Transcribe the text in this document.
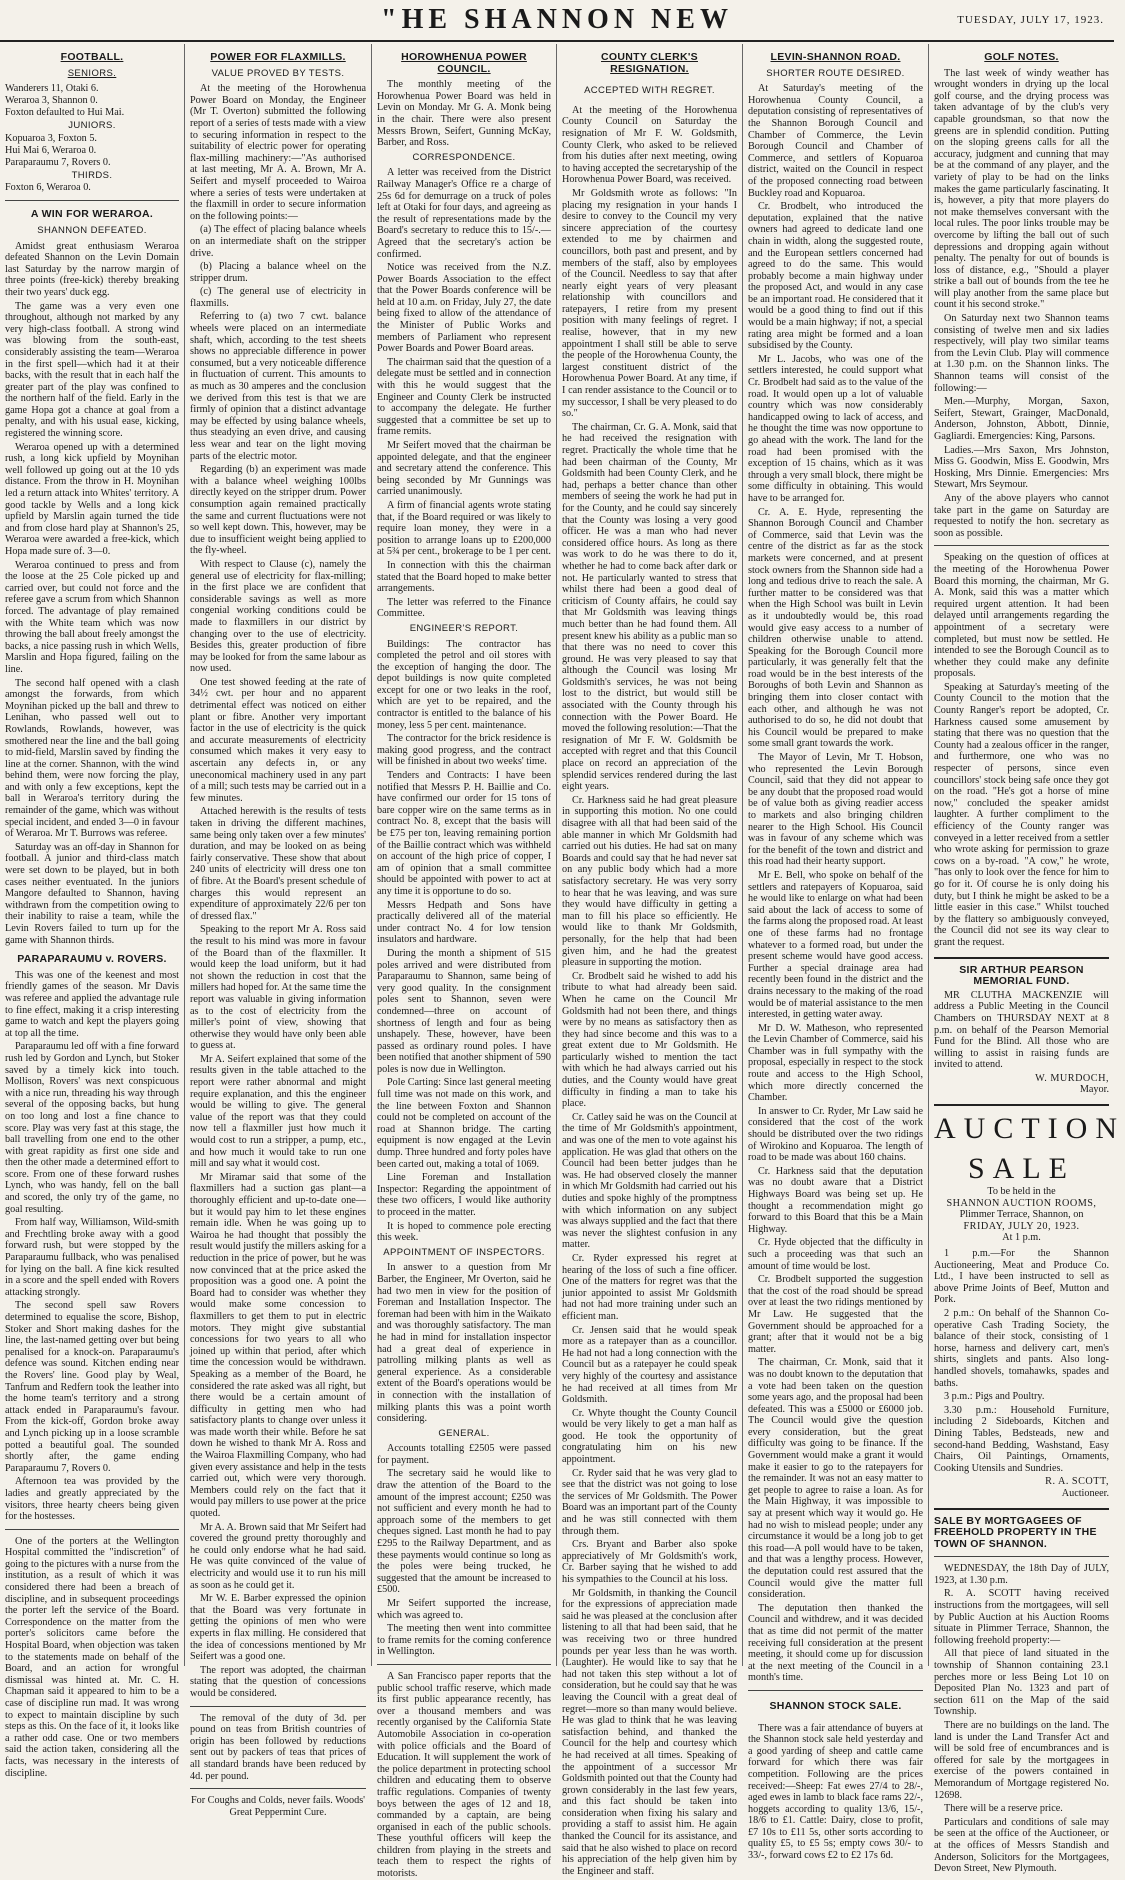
"HE SHANNON NEW	TUESDAY, JULY 17, 1923.
FOOTBALL.
SENIORS.
Wanderers 11, Otaki 6.
Weraroa 3, Shannon 0.
Foxton defaulted to Hui Mai.
JUNIORS.
Kopuaroa 3, Foxton 5.
Hui Mai 6, Weraroa 0.
Paraparaumu 7, Rovers 0.
THIRDS.
Foxton 6, Weraroa 0.
A WIN FOR WERAROA.
SHANNON DEFEATED.

Amidst great enthusiasm Weraroa defeated Shannon on the Levin Domain last Saturday by the narrow margin of three points (free-kick) thereby breaking their two years' duck egg.

The game was a very even one throughout, although not marked by any very high-class football. A strong wind was blowing from the south-east, considerably assisting the team—Weraroa in the first spell—which had it at their backs, with the result that in each half the greater part of the play was confined to the northern half of the field. Early in the game Hopa got a chance at goal from a penalty, and with his usual ease, kicking, registered the winning score.

Weraroa opened up with a determined rush, a long kick upfield by Moynihan well followed up going out at the 10 yds distance. From the throw in H. Moynihan led a return attack into Whites' territory. A good tackle by Wells and a long kick upfield by Marslin again turned the tide and from close hard play at Shannon's 25, Weraroa were awarded a free-kick, which Hopa made sure of. 3—0.

Weraroa continued to press and from the loose at the 25 Cole picked up and carried over, but could not force and the referee gave a scrum from which Shannon forced. The advantage of play remained with the White team which was now throwing the ball about freely amongst the backs, a nice passing rush in which Wells, Marslin and Hopa figured, failing on the line.

The second half opened with a clash amongst the forwards, from which Moynihan picked up the ball and threw to Lenihan, who passed well out to Rowlands, Rowlands, however, was smothered near the line and the ball going to mid-field, Marslin saved by finding the line at the corner. Shannon, with the wind behind them, were now forcing the play, and with only a few exceptions, kept the ball in Weraroa's territory during the remainder of the game, which was without special incident, and ended 3—0 in favour of Weraroa. Mr T. Burrows was referee.

Saturday was an off-day in Shannon for football. A junior and third-class match were set down to be played, but in both cases neither eventuated. In the juniors Mangore defaulted to Shannon, having withdrawn from the competition owing to their inability to raise a team, while the Levin Rovers failed to turn up for the game with Shannon thirds.

PARAPARAUMU v. ROVERS.

This was one of the keenest and most friendly games of the season. Mr Davis was referee and applied the advantage rule to fine effect, making it a crisp interesting game to watch and kept the players going at top all the time.

Paraparaumu led off with a fine forward rush led by Gordon and Lynch, but Stoker saved by a timely kick into touch. Mollison, Rovers' was next conspicuous with a nice run, threading his way through several of the opposing backs, but hung on too long and lost a fine chance to score. Play was very fast at this stage, the ball travelling from one end to the other with great rapidity as first one side and then the other made a determined effort to score. From one of these forward rushes Lynch, who was handy, fell on the ball and scored, the only try of the game, no goal resulting.

From half way, Williamson, Wild-smith and Frechtling broke away with a good forward rush, but were stopped by the Paraparaumu fullback, who was penalised for lying on the ball. A fine kick resulted in a score and the spell ended with Rovers attacking strongly.

The second spell saw Rovers determined to equalise the score, Bishop, Stoker and Short making dashes for the line, the last-named getting over but being penalised for a knock-on. Paraparaumu's defence was sound. Kitchen ending near the Rovers' line. Good play by Weal, Tanfrum and Redfern took the leather into the home team's territory and a strong attack ended in Paraparaumu's favour. From the kick-off, Gordon broke away and Lynch picking up in a loose scramble potted a beautiful goal. The sounded shortly after, the game ending Paraparaumu 7, Rovers 0.

Afternoon tea was provided by the ladies and greatly appreciated by the visitors, three hearty cheers being given for the hostesses.

One of the porters at the Wellington Hospital committed the "indiscretion" of going to the pictures with a nurse from the institution, as a result of which it was considered there had been a breach of discipline, and in subsequent proceedings the porter left the service of the Board. Correspondence on the matter from the porter's solicitors came before the Hospital Board, when objection was taken to the statements made on behalf of the Board, and an action for wrongful dismissal was hinted at. Mr. C. H. Chapman said it appeared to him to be a case of discipline run mad. It was wrong to expect to maintain discipline by such steps as this. On the face of it, it looks like a rather odd case. One or two members said the action taken, considering all the facts, was necessary in the interests of discipline.

POWER FOR FLAXMILLS.
VALUE PROVED BY TESTS.

At the meeting of the Horowhenua Power Board on Monday, the Engineer (Mr T. Overton) submitted the following report of a series of tests made with a view to securing information in respect to the suitability of electric power for operating flax-milling machinery:—"As authorised at last meeting, Mr A. A. Brown, Mr A. Seifert and myself proceeded to Wairoa where a series of tests were undertaken at the flaxmill in order to secure information on the following points:—

(a) The effect of placing balance wheels on an intermediate shaft on the stripper drive.

(b) Placing a balance wheel on the stripper drum.

(c) The general use of electricity in flaxmills.

Referring to (a) two 7 cwt. balance wheels were placed on an intermediate shaft, which, according to the test sheets shows no appreciable difference in power consumed, but a very noticeable difference in fluctuation of current. This amounts to as much as 30 amperes and the conclusion we derived from this test is that we are firmly of opinion that a distinct advantage may be effected by using balance wheels, thus steadying an even drive, and causing less wear and tear on the light moving parts of the electric motor.

Regarding (b) an experiment was made with a balance wheel weighing 100lbs directly keyed on the stripper drum. Power consumption again remained practically the same and current fluctuations were not so well kept down. This, however, may be due to insufficient weight being applied to the fly-wheel.

With respect to Clause (c), namely the general use of electricity for flax-milling; in the first place we are confident that considerable savings as well as more congenial working conditions could be made to flaxmillers in our district by changing over to the use of electricity. Besides this, greater production of fibre may be looked for from the same labour as now used.

One test showed feeding at the rate of 34½ cwt. per hour and no apparent detrimental effect was noticed on either plant or fibre. Another very important factor in the use of electricity is the quick and accurate measurements of electricity consumed which makes it very easy to ascertain any defects in, or any uneconomical machinery used in any part of a mill; such tests may be carried out in a few minutes.

Attached herewith is the results of tests taken in driving the different machines, same being only taken over a few minutes' duration, and may be looked on as being fairly conservative. These show that about 240 units of electricity will dress one ton of fibre. At the Board's present schedule of charges this would represent an expenditure of approximately 22/6 per ton of dressed flax."

Speaking to the report Mr A. Ross said the result to his mind was more in favour of the Board than of the flaxmiller. It would keep the load uniform, but it had not shown the reduction in cost that the millers had hoped for. At the same time the report was valuable in giving information as to the cost of electricity from the miller's point of view, showing that otherwise they would have only been able to guess at.

Mr A. Seifert explained that some of the results given in the table attached to the report were rather abnormal and might require explanation, and this the engineer would be willing to give. The general value of the report was that they could now tell a flaxmiller just how much it would cost to run a stripper, a pump, etc., and how much it would take to run one mill and say what it would cost.

Mr Miramar said that some of the flaxmillers had a suction gas plant—a thoroughly efficient and up-to-date one—but it would pay him to let these engines remain idle. When he was going up to Wairoa he had thought that possibly the result would justify the millers asking for a reduction in the price of power, but he was now convinced that at the price asked the proposition was a good one. A point the Board had to consider was whether they would make some concession to flaxmillers to get them to put in electric motors. They might give substantial concessions for two years to all who joined up within that period, after which time the concession would be withdrawn. Speaking as a member of the Board, he considered the rate asked was all right, but there would be a certain amount of difficulty in getting men who had satisfactory plants to change over unless it was made worth their while. Before he sat down he wished to thank Mr A. Ross and the Wairoa Flaxmilling Company, who had given every assistance and help in the tests carried out, which were very thorough. Members could rely on the fact that it would pay millers to use power at the price quoted.

Mr A. A. Brown said that Mr Seifert had covered the ground pretty thoroughly and he could only endorse what he had said. He was quite convinced of the value of electricity and would use it to run his mill as soon as he could get it.

Mr W. E. Barber expressed the opinion that the Board was very fortunate in getting the opinions of men who were experts in flax milling. He considered that the idea of concessions mentioned by Mr Seifert was a good one.

The report was adopted, the chairman stating that the question of concessions would be considered.

The removal of the duty of 3d. per pound on teas from British countries of origin has been followed by reductions sent out by packers of teas that prices of all standard brands have been reduced by 4d. per pound.

For Coughs and Colds, never fails. Woods' Great Peppermint Cure.
HOROWHENUA POWER COUNCIL.

The monthly meeting of the Horowhenua Power Board was held in Levin on Monday. Mr G. A. Monk being in the chair. There were also present Messrs Brown, Seifert, Gunning McKay, Barber, and Ross.

CORRESPONDENCE.

A letter was received from the District Railway Manager's Office re a charge of 25s 6d for demurrage on a truck of poles left at Otaki for four days, and agreeing as the result of representations made by the Board's secretary to reduce this to 15/-.—Agreed that the secretary's action be confirmed.

Notice was received from the N.Z. Power Boards Association to the effect that the Power Boards conference will be held at 10 a.m. on Friday, July 27, the date being fixed to allow of the attendance of the Minister of Public Works and members of Parliament who represent Power Boards and Power Board areas.

The chairman said that the question of a delegate must be settled and in connection with this he would suggest that the Engineer and County Clerk be instructed to accompany the delegate. He further suggested that a committee be set up to frame remits.

Mr Seifert moved that the chairman be appointed delegate, and that the engineer and secretary attend the conference. This being seconded by Mr Gunnings was carried unanimously.

A firm of financial agents wrote stating that, if the Board required or was likely to require loan money, they were in a position to arrange loans up to £200,000 at 5¾ per cent., brokerage to be 1 per cent.

In connection with this the chairman stated that the Board hoped to make better arrangements.

The letter was referred to the Finance Committee.

ENGINEER'S REPORT.

Buildings: The contractor has completed the petrol and oil stores with the exception of hanging the door. The depot buildings is now quite completed except for one or two leaks in the roof, which are yet to be repaired, and the contractor is entitled to the balance of his money, less 5 per cent. maintenance.

The contractor for the brick residence is making good progress, and the contract will be finished in about two weeks' time.

Tenders and Contracts: I have been notified that Messrs P. H. Baillie and Co. have confirmed our order for 15 tons of bare copper wire on the same terms as in contract No. 8, except that the basis will be £75 per ton, leaving remaining portion of the Baillie contract which was withheld on account of the high price of copper, I am of opinion that a small committee should be appointed with power to act at any time it is opportune to do so.

Messrs Hedpath and Sons have practically delivered all of the material under contract No. 4 for low tension insulators and hardware.

During the month a shipment of 515 poles arrived and were distributed from Paraparaumu to Shannon, same being of very good quality. In the consignment poles sent to Shannon, seven were condemned—three on account of shortness of length and four as being unshapely. These, however, have been passed as ordinary round poles. I have been notified that another shipment of 590 poles is now due in Wellington.

Pole Carting: Since last general meeting full time was not made on this work, and the line between Foxton and Shannon could not be completed on account of the road at Shannon bridge. The carting equipment is now engaged at the Levin dump. Three hundred and forty poles have been carted out, making a total of 1069.

Line Foreman and Installation Inspector: Regarding the appointment of these two officers, I would like authority to proceed in the matter.

It is hoped to commence pole erecting this week.

APPOINTMENT OF INSPECTORS.

In answer to a question from Mr Barber, the Engineer, Mr Overton, said he had two men in view for the position of Foreman and Installation Inspector. The foreman had been with him in the Waikato and was thoroughly satisfactory. The man he had in mind for installation inspector had a great deal of experience in patrolling milking plants as well as general experience. As a considerable extent of the Board's operations would be in connection with the installation of milking plants this was a point worth considering.

GENERAL.

Accounts totalling £2505 were passed for payment.

The secretary said he would like to draw the attention of the Board to the amount of the imprest account; £250 was not sufficient and every month he had to approach some of the members to get cheques signed. Last month he had to pay £295 to the Railway Department, and as these payments would continue so long as the poles were being trucked, he suggested that the amount be increased to £500.

Mr Seifert supported the increase, which was agreed to.

The meeting then went into committee to frame remits for the coming conference in Wellington.

A San Francisco paper reports that the public school traffic reserve, which made its first public appearance recently, has over a thousand members and was recently organised by the California State Automobile Association in co-operation with police officials and the Board of Education. It will supplement the work of the police department in protecting school children and educating them to observe traffic regulations. Companies of twenty boys between the ages of 12 and 18, commanded by a captain, are being organised in each of the public schools. These youthful officers will keep the children from playing in the streets and teach them to respect the rights of motorists.

COUNTY CLERK'S RESIGNATION.
ACCEPTED WITH REGRET.

At the meeting of the Horowhenua County Council on Saturday the resignation of Mr F. W. Goldsmith, County Clerk, who asked to be relieved from his duties after next meeting, owing to having accepted the secretaryship of the Horowhenua Power Board, was received.

Mr Goldsmith wrote as follows: "In placing my resignation in your hands I desire to convey to the Council my very sincere appreciation of the courtesy extended to me by chairmen and councillors, both past and present, and by members of the staff, also by employees of the Council. Needless to say that after nearly eight years of very pleasant relationship with councillors and ratepayers, I retire from my present position with many feelings of regret. I realise, however, that in my new appointment I shall still be able to serve the people of the Horowhenua County, the largest constituent district of the Horowhenua Power Board. At any time, if I can render assistance to the Council or to my successor, I shall be very pleased to do so."

The chairman, Cr. G. A. Monk, said that he had received the resignation with regret. Practically the whole time that he had been chairman of the County, Mr Goldsmith had been County Clerk, and he had, perhaps a better chance than other members of seeing the work he had put in for the County, and he could say sincerely that the County was losing a very good officer. He was a man who had never considered office hours. As long as there was work to do he was there to do it, whether he had to come back after dark or not. He particularly wanted to stress that whilst there had been a good deal of criticism of County affairs, he could say that Mr Goldsmith was leaving things much better than he had found them. All present knew his ability as a public man so that there was no need to cover this ground. He was very pleased to say that although the Council was losing Mr Goldsmith's services, he was not being lost to the district, but would still be associated with the County through his connection with the Power Board. He moved the following resolution:—That the resignation of Mr F. W. Goldsmith be accepted with regret and that this Council place on record an appreciation of the splendid services rendered during the last eight years.

Cr. Harkness said he had great pleasure in supporting this motion. No one could disagree with all that had been said of the able manner in which Mr Goldsmith had carried out his duties. He had sat on many Boards and could say that he had never sat on any public body which had a more satisfactory secretary. He was very sorry to hear that he was leaving, and was sure they would have difficulty in getting a man to fill his place so efficiently. He would like to thank Mr Goldsmith, personally, for the help that had been given him, and he had the greatest pleasure in supporting the motion.

Cr. Brodbelt said he wished to add his tribute to what had already been said. When he came on the Council Mr Goldsmith had not been there, and things were by no means as satisfactory then as they had since become and this was to a great extent due to Mr Goldsmith. He particularly wished to mention the tact with which he had always carried out his duties, and the County would have great difficulty in finding a man to take his place.

Cr. Catley said he was on the Council at the time of Mr Goldsmith's appointment, and was one of the men to vote against his application. He was glad that others on the Council had been better judges than he was. He had observed closely the manner in which Mr Goldsmith had carried out his duties and spoke highly of the promptness with which information on any subject was always supplied and the fact that there was never the slightest confusion in any matter.

Cr. Ryder expressed his regret at hearing of the loss of such a fine officer. One of the matters for regret was that the junior appointed to assist Mr Goldsmith had not had more training under such an efficient man.

Cr. Jensen said that he would speak more as a ratepayer than as a councillor. He had not had a long connection with the Council but as a ratepayer he could speak very highly of the courtesy and assistance he had received at all times from Mr Goldsmith.

Cr. Whyte thought the County Council would be very likely to get a man half as good. He took the opportunity of congratulating him on his new appointment.

Cr. Ryder said that he was very glad to see that the district was not going to lose the services of Mr Goldsmith. The Power Board was an important part of the County and he was still connected with them through them.

Crs. Bryant and Barber also spoke appreciatively of Mr Goldsmith's work, Cr. Barber saying that he wished to add his sympathies to the Council at his loss.

Mr Goldsmith, in thanking the Council for the expressions of appreciation made said he was pleased at the conclusion after listening to all that had been said, that he was receiving two or three hundred pounds per year less than he was worth. (Laughter). He would like to say that he had not taken this step without a lot of consideration, but he could say that he was leaving the Council with a great deal of regret—more so than many would believe. He was glad to think that he was leaving satisfaction behind, and thanked the Council for the help and courtesy which he had received at all times. Speaking of the appointment of a successor Mr Goldsmith pointed out that the County had grown considerably in the last few years, and this fact should be taken into consideration when fixing his salary and providing a staff to assist him. He again thanked the Council for its assistance, and said that he also wished to place on record his appreciation of the help given him by the Engineer and staff.

LEVIN-SHANNON ROAD.
SHORTER ROUTE DESIRED.

At Saturday's meeting of the Horowhenua County Council, a deputation consisting of representatives of the Shannon Borough Council and Chamber of Commerce, the Levin Borough Council and Chamber of Commerce, and settlers of Kopuaroa district, waited on the Council in respect of the proposed connecting road between Buckley road and Kopuaroa.

Cr. Brodbelt, who introduced the deputation, explained that the native owners had agreed to dedicate land one chain in width, along the suggested route, and the European settlers concerned had agreed to do the same. This would probably become a main highway under the proposed Act, and would in any case be an important road. He considered that it would be a good thing to find out if this would be a main highway; if not, a special rating area might be formed and a loan subsidised by the County.

Mr L. Jacobs, who was one of the settlers interested, he could support what Cr. Brodbelt had said as to the value of the road. It would open up a lot of valuable country which was now considerably handicapped owing to lack of access, and he thought the time was now opportune to go ahead with the work. The land for the road had been promised with the exception of 15 chains, which as it was through a very small block, there might be some difficulty in obtaining. This would have to be arranged for.

Cr. A. E. Hyde, representing the Shannon Borough Council and Chamber of Commerce, said that Levin was the centre of the district as far as the stock markets were concerned, and at present stock owners from the Shannon side had a long and tedious drive to reach the sale. A further matter to be considered was that when the High School was built in Levin as it undoubtedly would be, this road would give easy access to a number of children otherwise unable to attend. Speaking for the Borough Council more particularly, it was generally felt that the road would be in the best interests of the Boroughs of both Levin and Shannon as bringing them into closer contact with each other, and although he was not authorised to do so, he did not doubt that his Council would be prepared to make some small grant towards the work.

The Mayor of Levin, Mr T. Hobson, who represented the Levin Borough Council, said that they did not appear to be any doubt that the proposed road would be of value both as giving readier access to markets and also bringing children nearer to the High School. His Council was in favour of any scheme which was for the benefit of the town and district and this road had their hearty support.

Mr E. Bell, who spoke on behalf of the settlers and ratepayers of Kopuaroa, said he would like to enlarge on what had been said about the lack of access to some of the farms along the proposed road. At least one of these farms had no frontage whatever to a formed road, but under the present scheme would have good access. Further a special drainage area had recently been found in the district and the drains necessary to the making of the road would be of material assistance to the men interested, in getting water away.

Mr D. W. Matheson, who represented the Levin Chamber of Commerce, said his Chamber was in full sympathy with the proposal, especially in respect to the stock route and access to the High School, which more directly concerned the Chamber.

In answer to Cr. Ryder, Mr Law said he considered that the cost of the work should be distributed over the two ridings of Wirokino and Kopuaroa. The length of road to be made was about 160 chains.

Cr. Harkness said that the deputation was no doubt aware that a District Highways Board was being set up. He thought a recommendation might go forward to this Board that this be a Main Highway.

Cr. Hyde objected that the difficulty in such a proceeding was that such an amount of time would be lost.

Cr. Brodbelt supported the suggestion that the cost of the road should be spread over at least the two ridings mentioned by Mr Law. He suggested that the Government should be approached for a grant; after that it would not be a big matter.

The chairman, Cr. Monk, said that it was no doubt known to the deputation that a vote had been taken on the question some years ago, and the proposal had been defeated. This was a £5000 or £6000 job. The Council would give the question every consideration, but the great difficulty was going to be finance. If the Government would make a grant it would make it easier to go to the ratepayers for the remainder. It was not an easy matter to get people to agree to raise a loan. As for the Main Highway, it was impossible to say at present which way it would go. He had no wish to mislead people; under any circumstance it would be a long job to get this road—A poll would have to be taken, and that was a lengthy process. However, the deputation could rest assured that the Council would give the matter full consideration.

The deputation then thanked the Council and withdrew, and it was decided that as time did not permit of the matter receiving full consideration at the present meeting, it should come up for discussion at the next meeting of the Council in a month's time.

SHANNON STOCK SALE.

There was a fair attendance of buyers at the Shannon stock sale held yesterday and a good yarding of sheep and cattle came forward for which there was fair competition. Following are the prices received:—Sheep: Fat ewes 27/4 to 28/-, aged ewes in lamb to black face rams 22/-, hoggets according to quality 13/6, 15/-, 18/6 to £1. Cattle: Dairy, close to profit, £7 10s to £11 5s, other sorts according to quality £5, to £5 5s; empty cows 30/- to 33/-, forward cows £2 to £2 17s 6d.

GOLF NOTES.

The last week of windy weather has wrought wonders in drying up the local golf course, and the drying process was taken advantage of by the club's very capable groundsman, so that now the greens are in splendid condition. Putting on the sloping greens calls for all the accuracy, judgment and cunning that may be at the command of any player, and the variety of play to be had on the links makes the game particularly fascinating. It is, however, a pity that more players do not make themselves conversant with the local rules. The poor links trouble may be overcome by lifting the ball out of such depressions and dropping again without penalty. The penalty for out of bounds is loss of distance, e.g., "Should a player strike a ball out of bounds from the tee he will play another from the same place but count it his second stroke."

On Saturday next two Shannon teams consisting of twelve men and six ladies respectively, will play two similar teams from the Levin Club. Play will commence at 1.30 p.m. on the Shannon links. The Shannon teams will consist of the following:—

Men.—Murphy, Morgan, Saxon, Seifert, Stewart, Grainger, MacDonald, Anderson, Johnston, Abbott, Dinnie, Gagliardi. Emergencies: King, Parsons.

Ladies.—Mrs Saxon, Mrs Johnston, Miss G. Goodwin, Miss E. Goodwin, Mrs Hosking, Mrs Dinnie. Emergencies: Mrs Stewart, Mrs Seymour.

Any of the above players who cannot take part in the game on Saturday are requested to notify the hon. secretary as soon as possible.

Speaking on the question of offices at the meeting of the Horowhenua Power Board this morning, the chairman, Mr G. A. Monk, said this was a matter which required urgent attention. It had been delayed until arrangements regarding the appointment of a secretary were completed, but must now be settled. He intended to see the Borough Council as to whether they could make any definite proposals.

Speaking at Saturday's meeting of the County Council to the motion that the County Ranger's report be adopted, Cr. Harkness caused some amusement by stating that there was no question that the County had a zealous officer in the ranger, and furthermore, one who was no respecter of persons, since even councillors' stock being safe once they got on the road. "He's got a horse of mine now," concluded the speaker amidst laughter. A further compliment to the efficiency of the County ranger was conveyed in a letter received from a settler who wrote asking for permission to graze cows on a by-road. "A cow," he wrote, "has only to look over the fence for him to go for it. Of course he is only doing his duty, but I think he might be asked to be a little easier in this case." Whilst touched by the flattery so ambiguously conveyed, the Council did not see its way clear to grant the request.

SIR ARTHUR PEARSON MEMORIAL FUND.

MR CLUTHA MACKENZIE will address a Public Meeting in the Council Chambers on THURSDAY NEXT at 8 p.m. on behalf of the Pearson Memorial Fund for the Blind. All those who are willing to assist in raising funds are invited to attend.

W. MURDOCH,
Mayor.
AUCTION
SALE
To be held in the
SHANNON AUCTION ROOMS,
Plimmer Terrace, Shannon, on
FRIDAY, JULY 20, 1923.
At 1 p.m.

1 p.m.—For the Shannon Auctioneering, Meat and Produce Co. Ltd., I have been instructed to sell as above Prime Joints of Beef, Mutton and Pork.

2 p.m.: On behalf of the Shannon Co-operative Cash Trading Society, the balance of their stock, consisting of 1 horse, harness and delivery cart, men's shirts, singlets and pants. Also long-handled shovels, tomahawks, spades and baths.

3 p.m.: Pigs and Poultry.

3.30 p.m.: Household Furniture, including 2 Sideboards, Kitchen and Dining Tables, Bedsteads, new and second-hand Bedding, Washstand, Easy Chairs, Oil Paintings, Ornaments, Cooking Utensils and Sundries.

R. A. SCOTT,
Auctioneer.
SALE BY MORTGAGEES OF FREEHOLD PROPERTY IN THE TOWN OF SHANNON.

WEDNESDAY, the 18th Day of JULY, 1923, at 1.30 p.m.

R. A. SCOTT having received instructions from the mortgagees, will sell by Public Auction at his Auction Rooms situate in Plimmer Terrace, Shannon, the following freehold property:—

All that piece of land situated in the township of Shannon containing 23.1 perches more or less Being Lot 10 on Deposited Plan No. 1323 and part of section 611 on the Map of the said Township.

There are no buildings on the land. The land is under the Land Transfer Act and will be sold free of encumbrances and is offered for sale by the mortgagees in exercise of the powers contained in Memorandum of Mortgage registered No. 12698.

There will be a reserve price.

Particulars and conditions of sale may be seen at the office of the Auctioneer, or at the offices of Messrs Standish and Anderson, Solicitors for the Mortgagees, Devon Street, New Plymouth.
